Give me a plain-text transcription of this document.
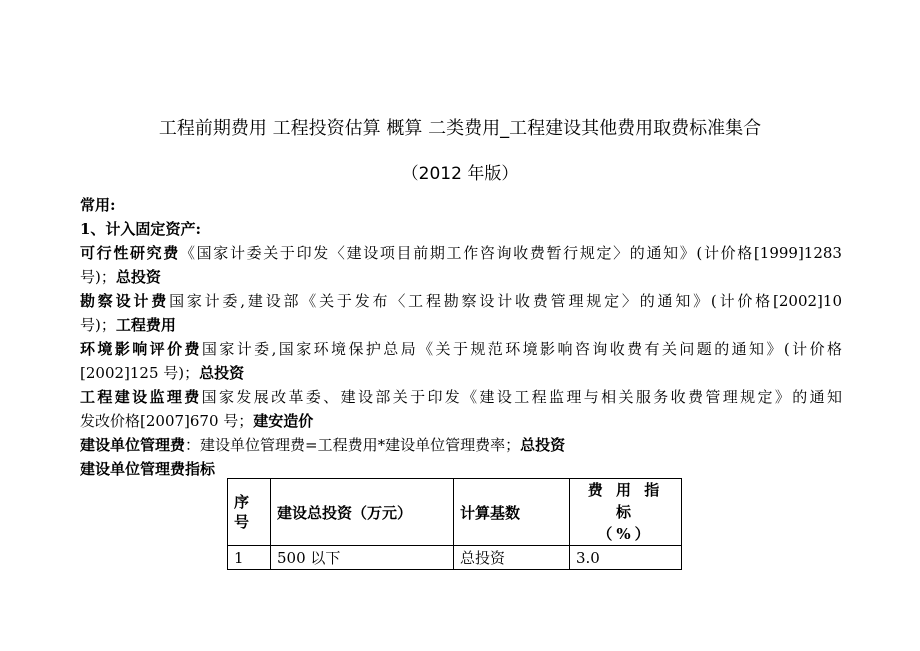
工程前期费用 工程投资估算 概算 二类费用_工程建设其他费用取费标准集合
（2012 年版）
常用:
1、计入固定资产:
可行性研究费《国家计委关于印发〈建设项目前期工作咨询收费暂行规定〉的通知》(计价格[1999]1283
号)；总投资
勘察设计费国家计委,建设部《关于发布〈工程勘察设计收费管理规定〉的通知》(计价格[2002]10
号)；工程费用
环境影响评价费国家计委,国家环境保护总局《关于规范环境影响咨询收费有关问题的通知》(计价格
[2002]125 号)；总投资
工程建设监理费国家发展改革委、建设部关于印发《建设工程监理与相关服务收费管理规定》的通知
发改价格[2007]670 号；建安造价
建设单位管理费：建设单位管理费=工程费用*建设单位管理费率；总投资
建设单位管理费指标
序
号	建设总投资（万元）	计算基数	费 用 指 标
（%）
1	500 以下	总投资	3.0
